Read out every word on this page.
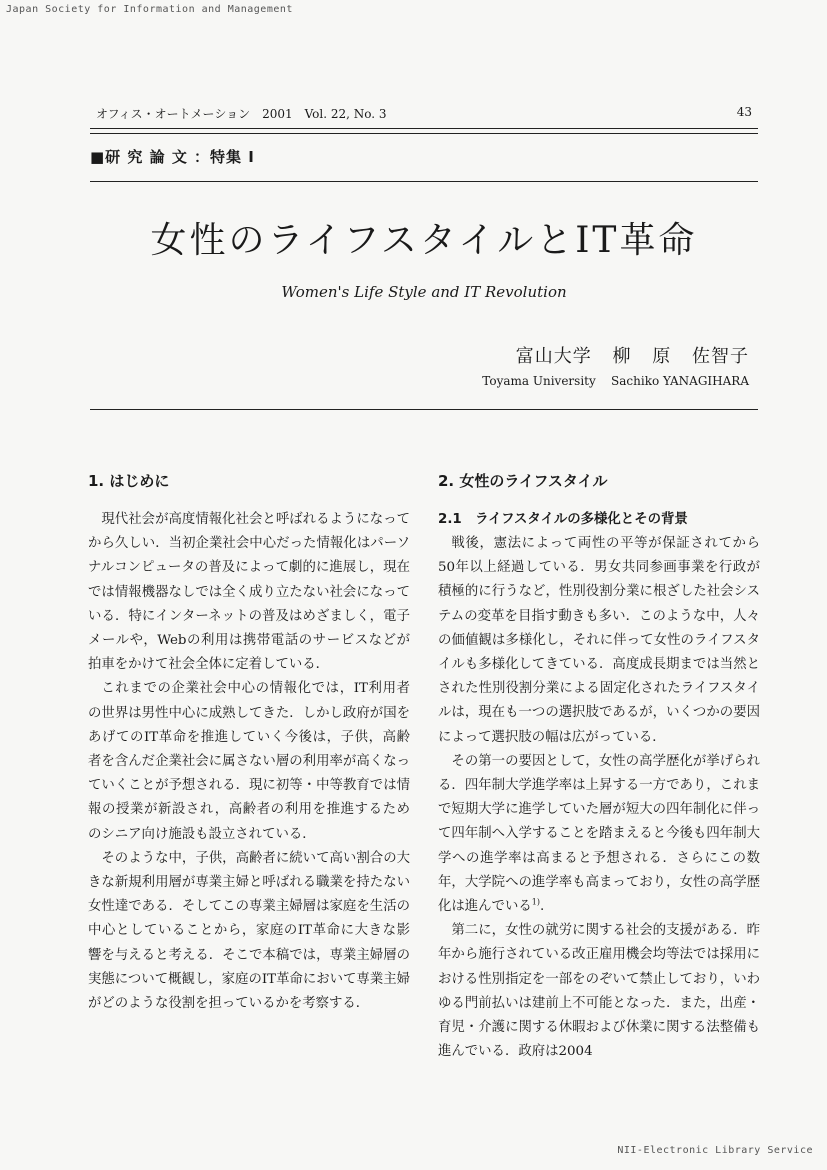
Japan Society for Information and Management
オフィス・オートメーション　2001　Vol. 22, No. 3	43
■研 究 論 文 ：特集 I
女性のライフスタイルとIT革命
Women's Life Style and IT Revolution
富山大学 柳 原 佐智子
Toyama University Sachiko YANAGIHARA

1. はじめに

現代社会が高度情報化社会と呼ばれるようになってから久しい．当初企業社会中心だった情報化はパーソナルコンピュータの普及によって劇的に進展し，現在では情報機器なしでは全く成り立たない社会になっている．特にインターネットの普及はめざましく，電子メールや，Webの利用は携帯電話のサービスなどが拍車をかけて社会全体に定着している．

これまでの企業社会中心の情報化では，IT利用者の世界は男性中心に成熟してきた．しかし政府が国をあげてのIT革命を推進していく今後は，子供，高齢者を含んだ企業社会に属さない層の利用率が高くなっていくことが予想される．現に初等・中等教育では情報の授業が新設され，高齢者の利用を推進するためのシニア向け施設も設立されている．

そのような中，子供，高齢者に続いて高い割合の大きな新規利用層が専業主婦と呼ばれる職業を持たない女性達である．そしてこの専業主婦層は家庭を生活の中心としていることから，家庭のIT革命に大きな影響を与えると考える．そこで本稿では，専業主婦層の実態について概観し，家庭のIT革命において専業主婦がどのような役割を担っているかを考察する．

2. 女性のライフスタイル

2.1　ライフスタイルの多様化とその背景

戦後，憲法によって両性の平等が保証されてから50年以上経過している．男女共同参画事業を行政が積極的に行うなど，性別役割分業に根ざした社会システムの変革を目指す動きも多い．このような中，人々の価値観は多様化し，それに伴って女性のライフスタイルも多様化してきている．高度成長期までは当然とされた性別役割分業による固定化されたライフスタイルは，現在も一つの選択肢であるが，いくつかの要因によって選択肢の幅は広がっている．

その第一の要因として，女性の高学歴化が挙げられる．四年制大学進学率は上昇する一方であり，これまで短期大学に進学していた層が短大の四年制化に伴って四年制へ入学することを踏まえると今後も四年制大学への進学率は高まると予想される．さらにこの数年，大学院への進学率も高まっており，女性の高学歴化は進んでいる$^{1)}$.

第二に，女性の就労に関する社会的支援がある．昨年から施行されている改正雇用機会均等法では採用における性別指定を一部をのぞいて禁止しており，いわゆる門前払いは建前上不可能となった．また，出産・育児・介護に関する休暇および休業に関する法整備も進んでいる．政府は2004

NII-Electronic Library Service
